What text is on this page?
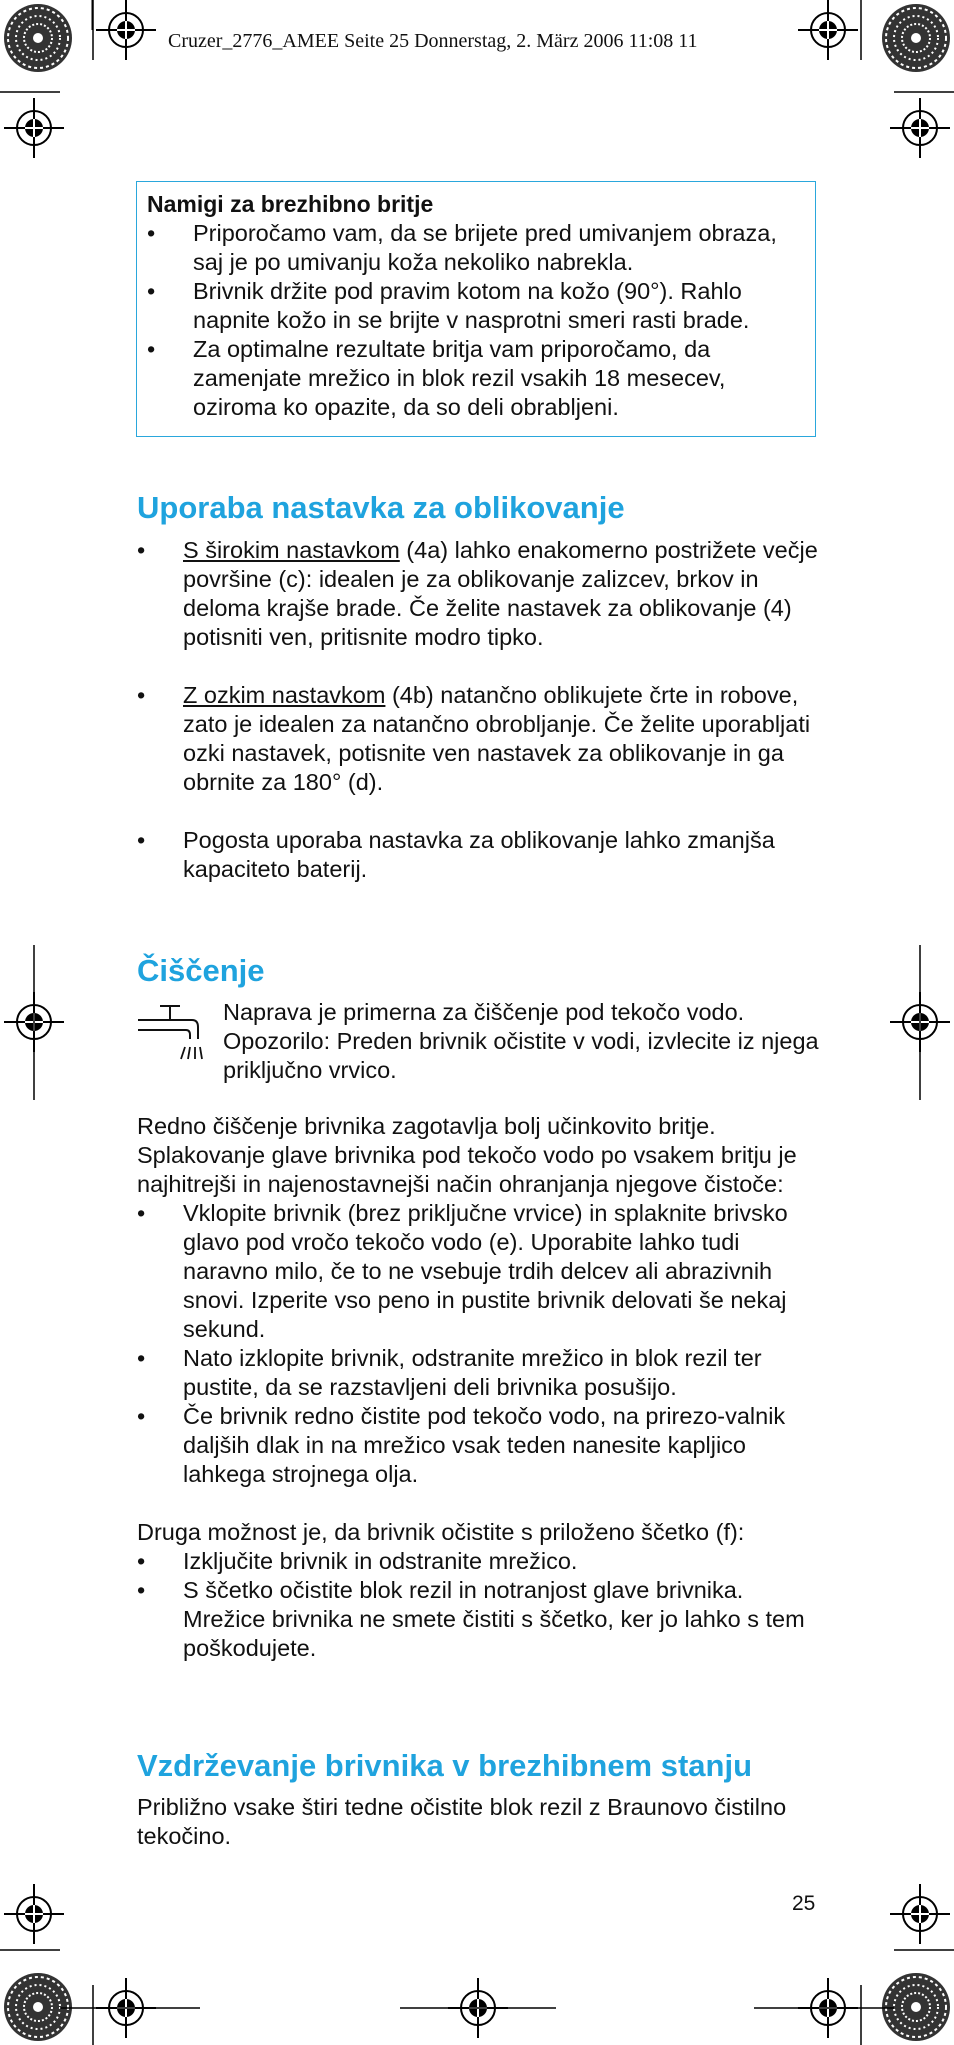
Cruzer_2776_AMEE Seite 25 Donnerstag, 2. März 2006 11:08 11
Namigi za brezhibno britje
• Priporočamo vam, da se brijete pred umivanjem obraza, saj je po umivanju koža nekoliko nabrekla.
• Brivnik držite pod pravim kotom na kožo (90°). Rahlo napnite kožo in se brijte v nasprotni smeri rasti brade.
• Za optimalne rezultate britja vam priporočamo, da zamenjate mrežico in blok rezil vsakih 18 mesecev, oziroma ko opazite, da so deli obrabljeni.
Uporaba nastavka za oblikovanje
• S širokim nastavkom (4a) lahko enakomerno postrižete večje površine (c): idealen je za oblikovanje zalizcev, brkov in deloma krajše brade. Če želite nastavek za oblikovanje (4) potisniti ven, pritisnite modro tipko.
• Z ozkim nastavkom (4b) natančno oblikujete črte in robove, zato je idealen za natančno obrobljanje. Če želite uporabljati ozki nastavek, potisnite ven nastavek za oblikovanje in ga obrnite za 180° (d).
• Pogosta uporaba nastavka za oblikovanje lahko zmanjša kapaciteto baterij.
Čiščenje

Naprava je primerna za čiščenje pod tekočo vodo. Opozorilo: Preden brivnik očistite v vodi, izvlecite iz njega priključno vrvico.

Redno čiščenje brivnika zagotavlja bolj učinkovito britje. Splakovanje glave brivnika pod tekočo vodo po vsakem britju je najhitrejši in najenostavnejši način ohranjanja njegove čistoče:

• Vklopite brivnik (brez priključne vrvice) in splaknite brivsko glavo pod vročo tekočo vodo (e). Uporabite lahko tudi naravno milo, če to ne vsebuje trdih delcev ali abrazivnih snovi. Izperite vso peno in pustite brivnik delovati še nekaj sekund.
• Nato izklopite brivnik, odstranite mrežico in blok rezil ter pustite, da se razstavljeni deli brivnika posušijo.
• Če brivnik redno čistite pod tekočo vodo, na prirezo-valnik daljših dlak in na mrežico vsak teden nanesite kapljico lahkega strojnega olja.

Druga možnost je, da brivnik očistite s priloženo ščetko (f):

• Izključite brivnik in odstranite mrežico.
• S ščetko očistite blok rezil in notranjost glave brivnika. Mrežice brivnika ne smete čistiti s ščetko, ker jo lahko s tem poškodujete.
Vzdrževanje brivnika v brezhibnem stanju

Približno vsake štiri tedne očistite blok rezil z Braunovo čistilno tekočino.

25
